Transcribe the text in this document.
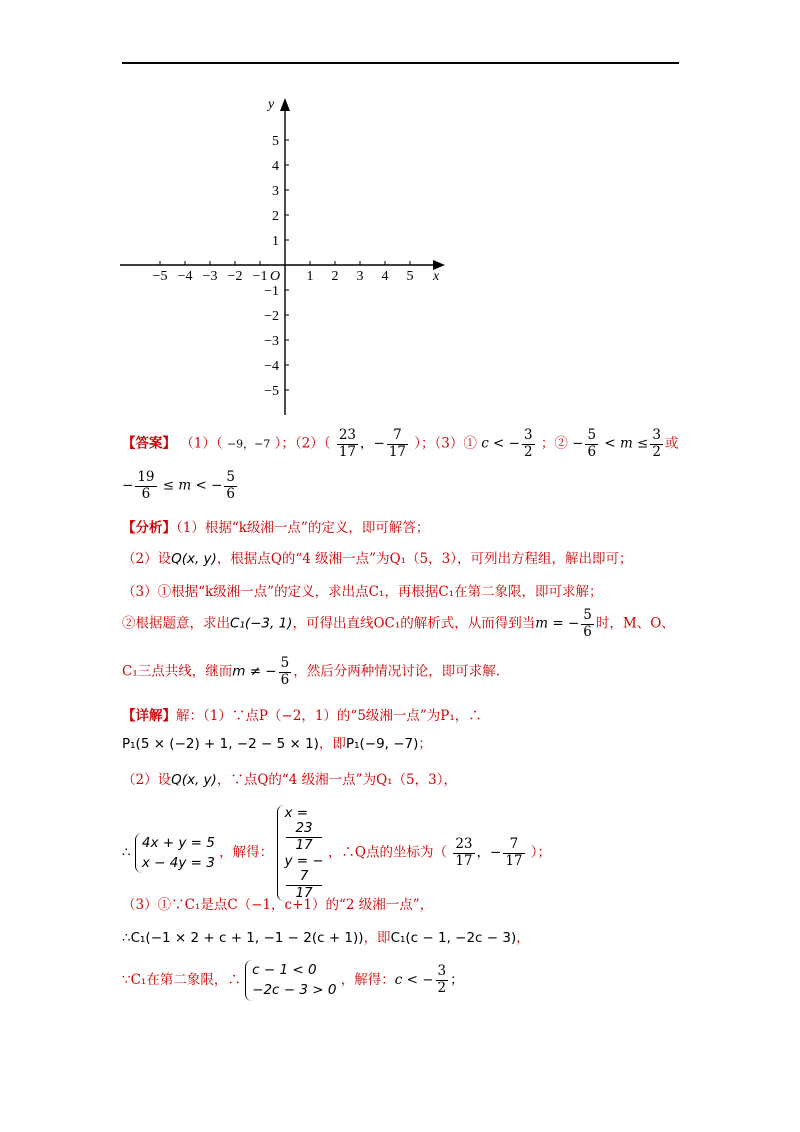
−5 −4 −3 −2 −1	1 2 3 4 5
5
4
3
2
1
−1
−2
−3
−4
−5
x
y
O
【答案】 （1）（ −9，−7 ）；$(2)( \frac{23}{17}$ ，− $\frac{7}{17}$ ）；（3）① c < − $\frac{3}{2}$ ；② − $\frac{5}{6} < m \le \frac{3}{2}$ 或
− $\frac{19}{6} \le m$ < − $\frac{5}{6}$
【分析】（1）根据“k级湘一点”的定义，即可解答；
（2）设Q(x, y)，根据点Q的“4 级湘一点”为Q₁（5，3），可列出方程组，解出即可；
（3）①根据“k级湘一点”的定义，求出点C₁，再根据C₁在第二象限，即可求解；
②根据题意，求出C₁(−3, 1)，可得出直线OC₁的解析式，从而得到当m = − $\frac{5}{6}$ 时，M、O、
C₁三点共线，继而m ≠ − $\frac{5}{6}$ ，然后分两种情况讨论，即可求解.
【详解】解：（1）∵点P（−2，1）的“5级湘一点”为P₁，∴
P₁(5 × (−2) + 1, −2 − 5 × 1)，即P₁(−9, −7)；
（2）设Q(x, y)，∵点Q的“4 级湘一点”为Q₁（5，3），
∴
4x + y = 5
x − 4y = 3
，解得：
x =
23
17
y = −
7
17
，∴Q点的坐标为（ $\frac{23}{17}$ ，− $\frac{7}{17}$ ）；
（3）①∵C₁是点C（−1，c+1）的“2 级湘一点”，
∴C₁(−1 × 2 + c + 1, −1 − 2(c + 1))，即C₁(c − 1, −2c − 3)，
∵C₁在第二象限，∴
c − 1 < 0
−2c − 3 > 0
，解得：c < − $\frac{3}{2}$ ；
